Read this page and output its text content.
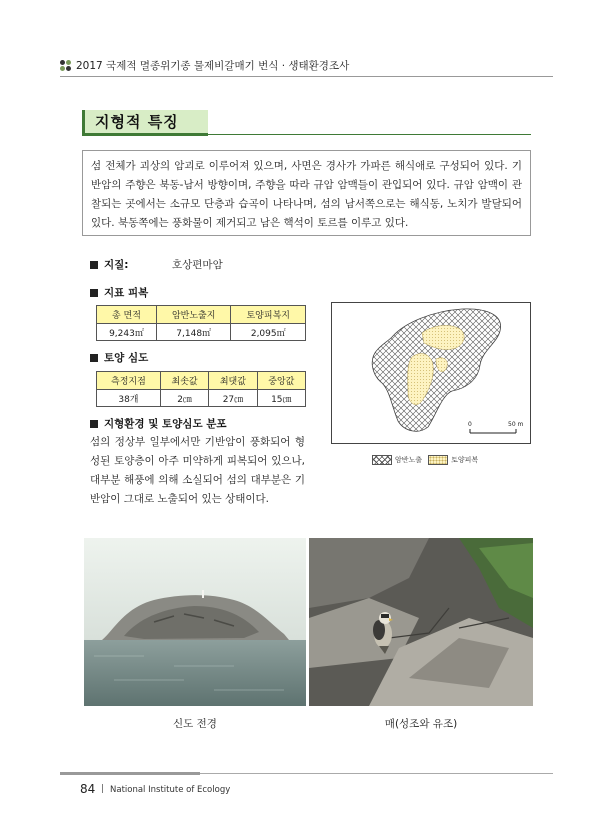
2017 국제적 멸종위기종 물제비갈매기 번식 · 생태환경조사
지형적 특징
섬 전체가 괴상의 암괴로 이루어져 있으며, 사면은 경사가 가파른 해식애로 구성되어 있다. 기반암의 주향은 북동-남서 방향이며, 주향을 따라 규암 암맥들이 관입되어 있다. 규암 암맥이 관찰되는 곳에서는 소규모 단층과 습곡이 나타나며, 섬의 남서쪽으로는 해식동, 노치가 발달되어 있다. 북동쪽에는 풍화물이 제거되고 남은 핵석이 토르를 이루고 있다.
지질:	호상편마암
지표 피복
총 면적	암반노출지	토양피복지
9,243㎡	7,148㎡	2,095㎡
토양 심도
측정지점	최솟값	최댓값	중앙값
38개	2㎝	27㎝	15㎝
지형환경 및 토양심도 분포
섬의 정상부 일부에서만 기반암이 풍화되어 형성된 토양층이 아주 미약하게 피복되어 있으나, 대부분 해풍에 의해 소실되어 섬의 대부분은 기반암이 그대로 노출되어 있는 상태이다.
0	50 m
암반노출	토양피복
신도 전경	매(성조와 유조)
84 | National Institute of Ecology
